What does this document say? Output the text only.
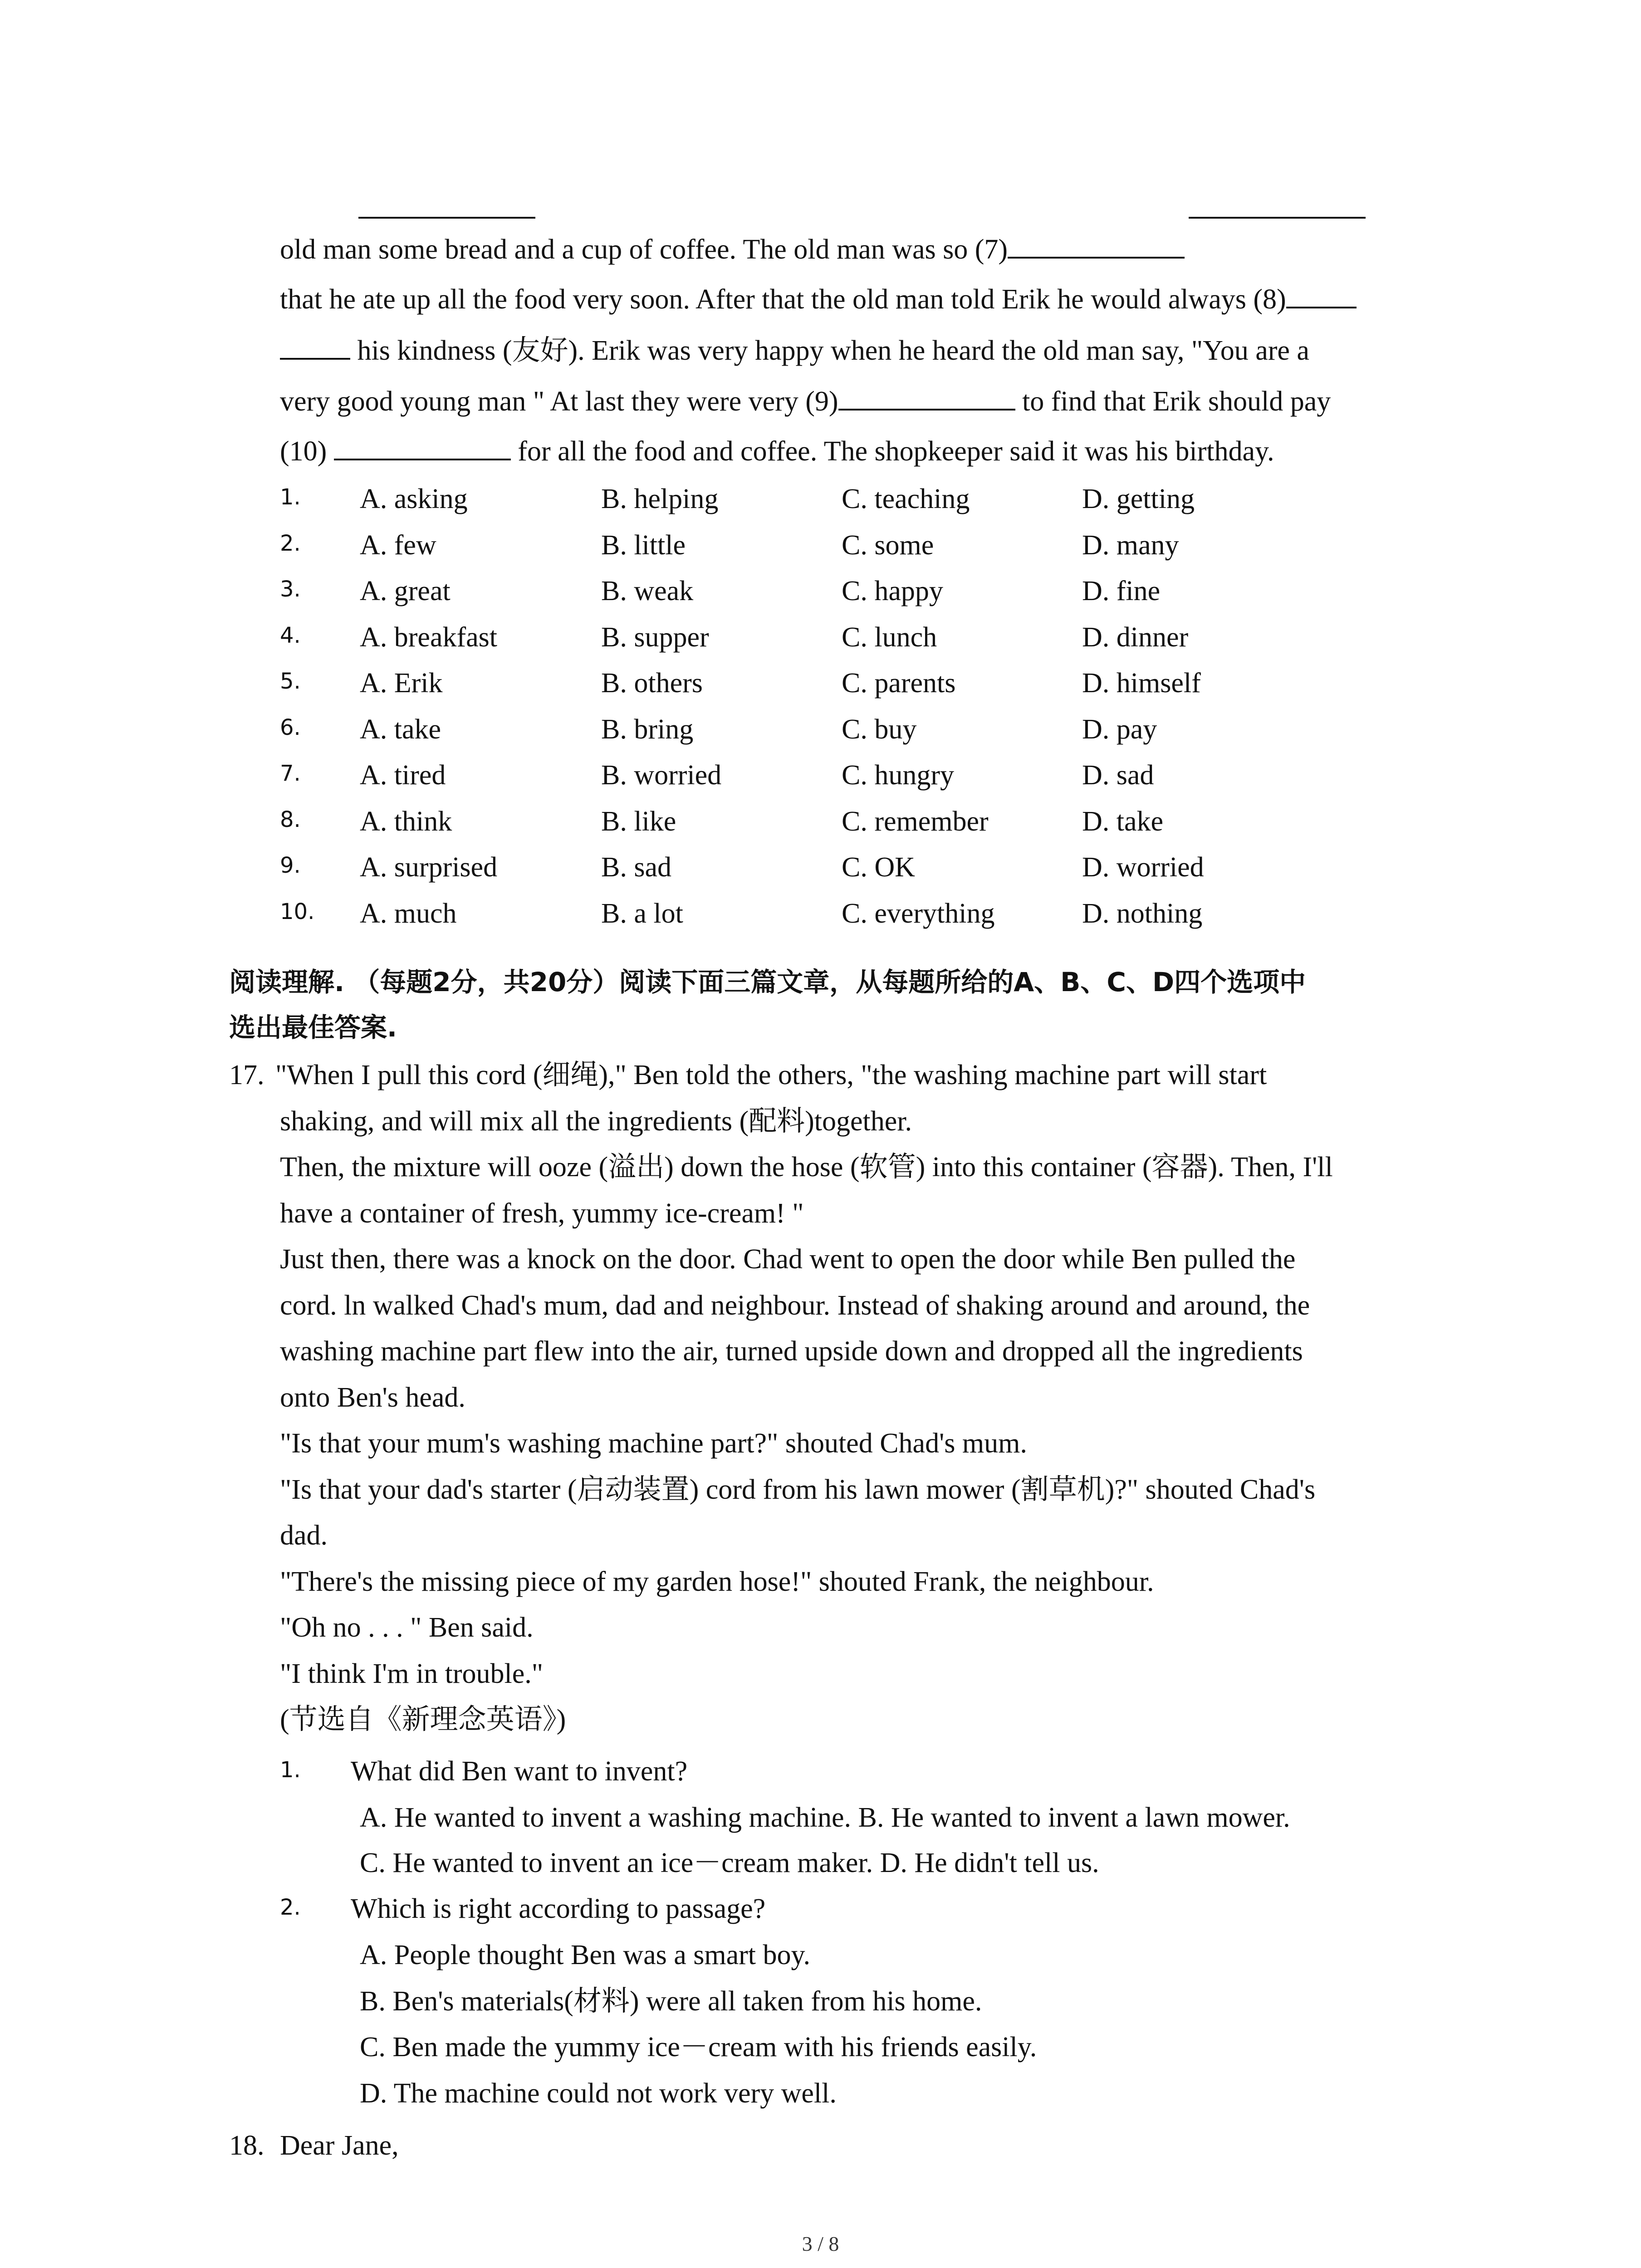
old man some bread and a cup of coffee. The old man was so (7)
that he ate up all the food very soon. After that the old man told Erik he would always (8)
his kindness (友好). Erik was very happy when he heard the old man say, "You are a
very good young man " At last they were very (9)	to find that Erik should pay
(10)	for all the food and coffee. The shopkeeper said it was his birthday.
1. A. asking	B. helping	C. teaching	D. getting
2. A. few	B. little	C. some	D. many
3. A. great	B. weak	C. happy	D. fine
4. A. breakfast	B. supper	C. lunch	D. dinner
5. A. Erik	B. others	C. parents	D. himself
6. A. take	B. bring	C. buy	D. pay
7. A. tired	B. worried	C. hungry	D. sad
8. A. think	B. like	C. remember	D. take
9. A. surprised	B. sad	C. OK	D. worried
10. A. much	B. a lot	C. everything	D. nothing
阅读理解. （每题2分，共20分）阅读下面三篇文章，从每题所给的A、B、C、D四个选项中
选出最佳答案.
17. "When I pull this cord (细绳)," Ben told the others, "the washing machine part will start
shaking, and will mix all the ingredients (配料)together.
Then, the mixture will ooze (溢出) down the hose (软管) into this container (容器). Then, I'll
have a container of fresh, yummy ice-cream! "
Just then, there was a knock on the door. Chad went to open the door while Ben pulled the
cord. ln walked Chad's mum, dad and neighbour. Instead of shaking around and around, the
washing machine part flew into the air, turned upside down and dropped all the ingredients
onto Ben's head.
"Is that your mum's washing machine part?" shouted Chad's mum.
"Is that your dad's starter (启动装置) cord from his lawn mower (割草机)?" shouted Chad's
dad.
"There's the missing piece of my garden hose!" shouted Frank, the neighbour.
"Oh no . . . " Ben said.
"I think I'm in trouble."
(节选自《新理念英语》)
1. What did Ben want to invent?
A. He wanted to invent a washing machine. B. He wanted to invent a lawn mower.
C. He wanted to invent an ice－cream maker. D. He didn't tell us.
2. Which is right according to passage?
A. People thought Ben was a smart boy.
B. Ben's materials(材料) were all taken from his home.
C. Ben made the yummy ice－cream with his friends easily.
D. The machine could not work very well.
18. Dear Jane,
3 / 8
